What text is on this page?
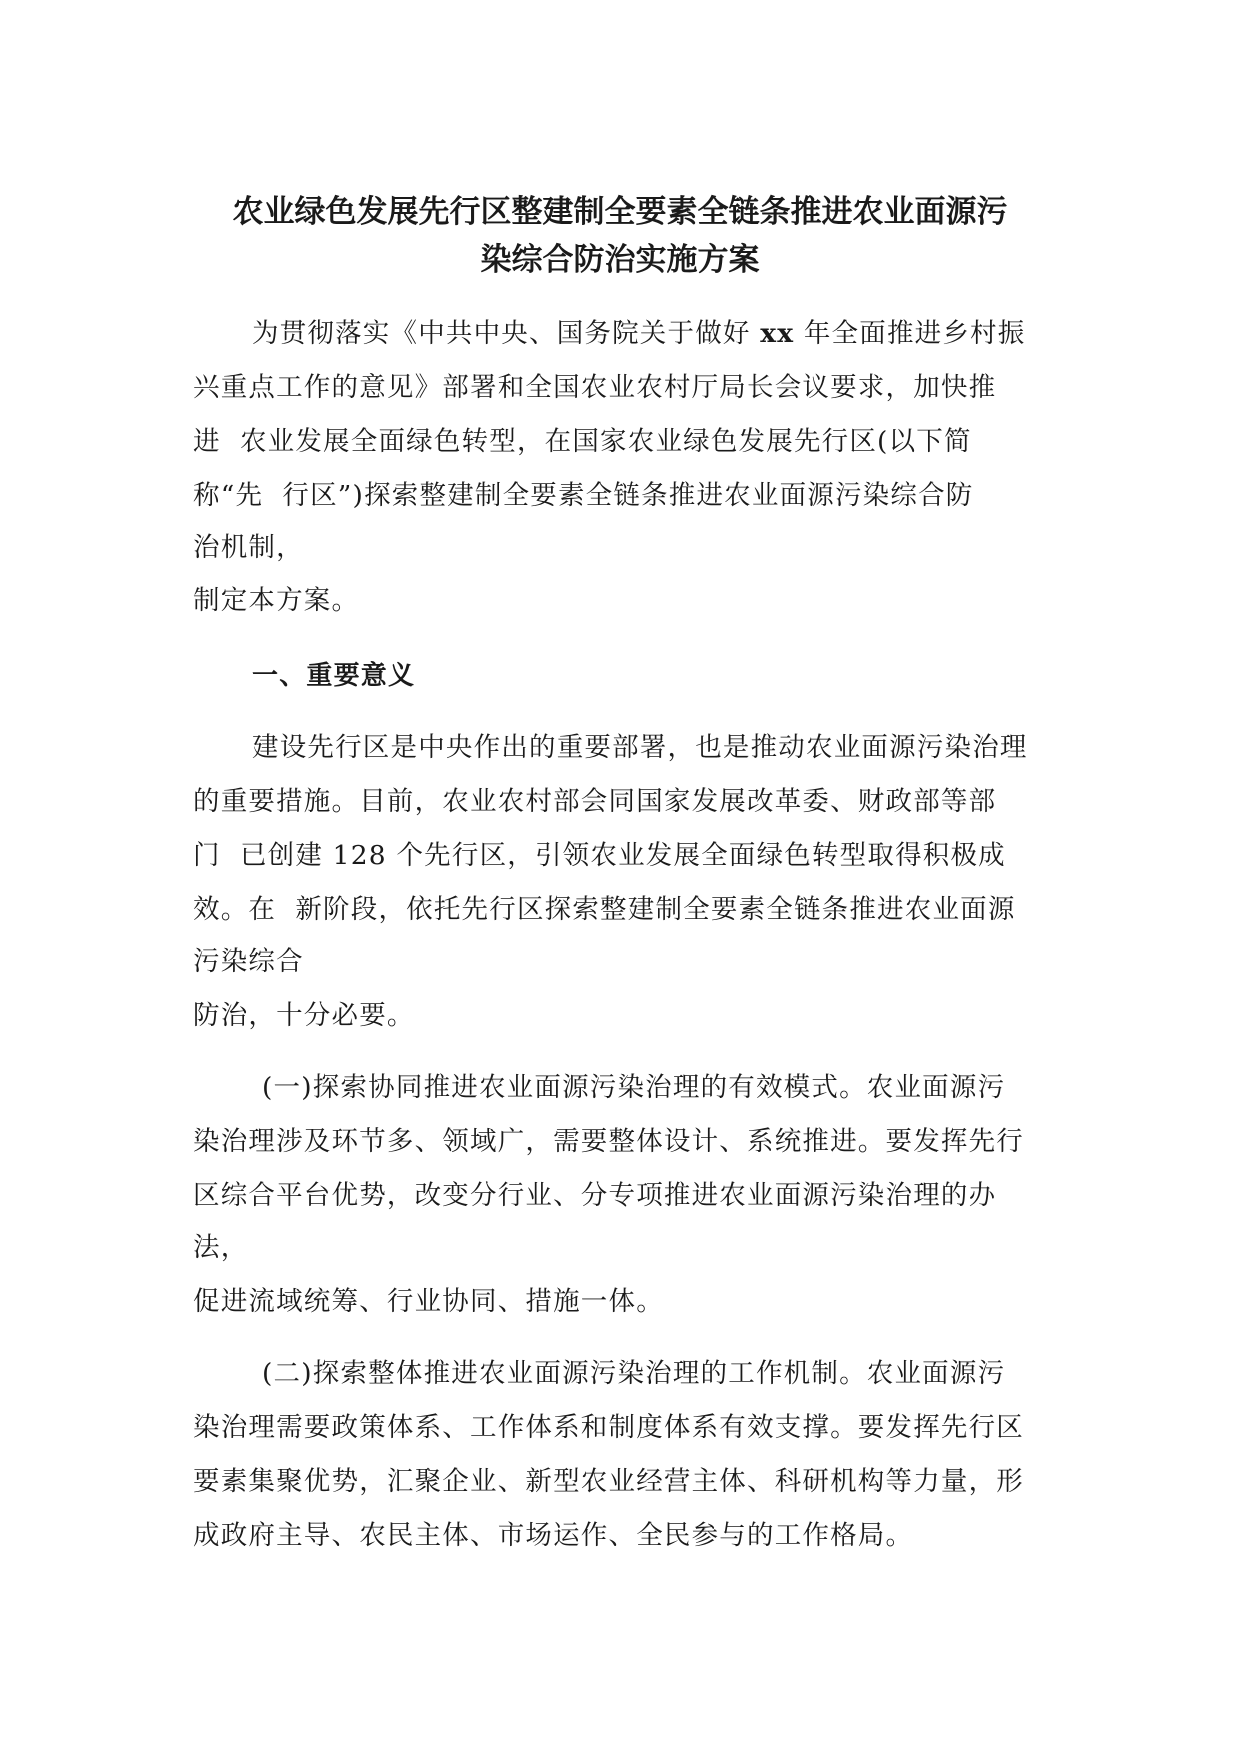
农业绿色发展先行区整建制全要素全链条推进农业面源污
染综合防治实施方案
为贯彻落实《中共中央、国务院关于做好 xx 年全面推进乡村振
兴重点工作的意见》部署和全国农业农村厅局长会议要求，加快推
进  农业发展全面绿色转型，在国家农业绿色发展先行区(以下简
称“先  行区”)探索整建制全要素全链条推进农业面源污染综合防
治机制，
制定本方案。
一、重要意义
建设先行区是中央作出的重要部署，也是推动农业面源污染治理
的重要措施。目前，农业农村部会同国家发展改革委、财政部等部
门  已创建 128 个先行区，引领农业发展全面绿色转型取得积极成
效。在  新阶段，依托先行区探索整建制全要素全链条推进农业面源
污染综合
防治，十分必要。
(一)探索协同推进农业面源污染治理的有效模式。农业面源污
染治理涉及环节多、领域广，需要整体设计、系统推进。要发挥先行
区综合平台优势，改变分行业、分专项推进农业面源污染治理的办
法，
促进流域统筹、行业协同、措施一体。
(二)探索整体推进农业面源污染治理的工作机制。农业面源污
染治理需要政策体系、工作体系和制度体系有效支撑。要发挥先行区
要素集聚优势，汇聚企业、新型农业经营主体、科研机构等力量，形
成政府主导、农民主体、市场运作、全民参与的工作格局。
